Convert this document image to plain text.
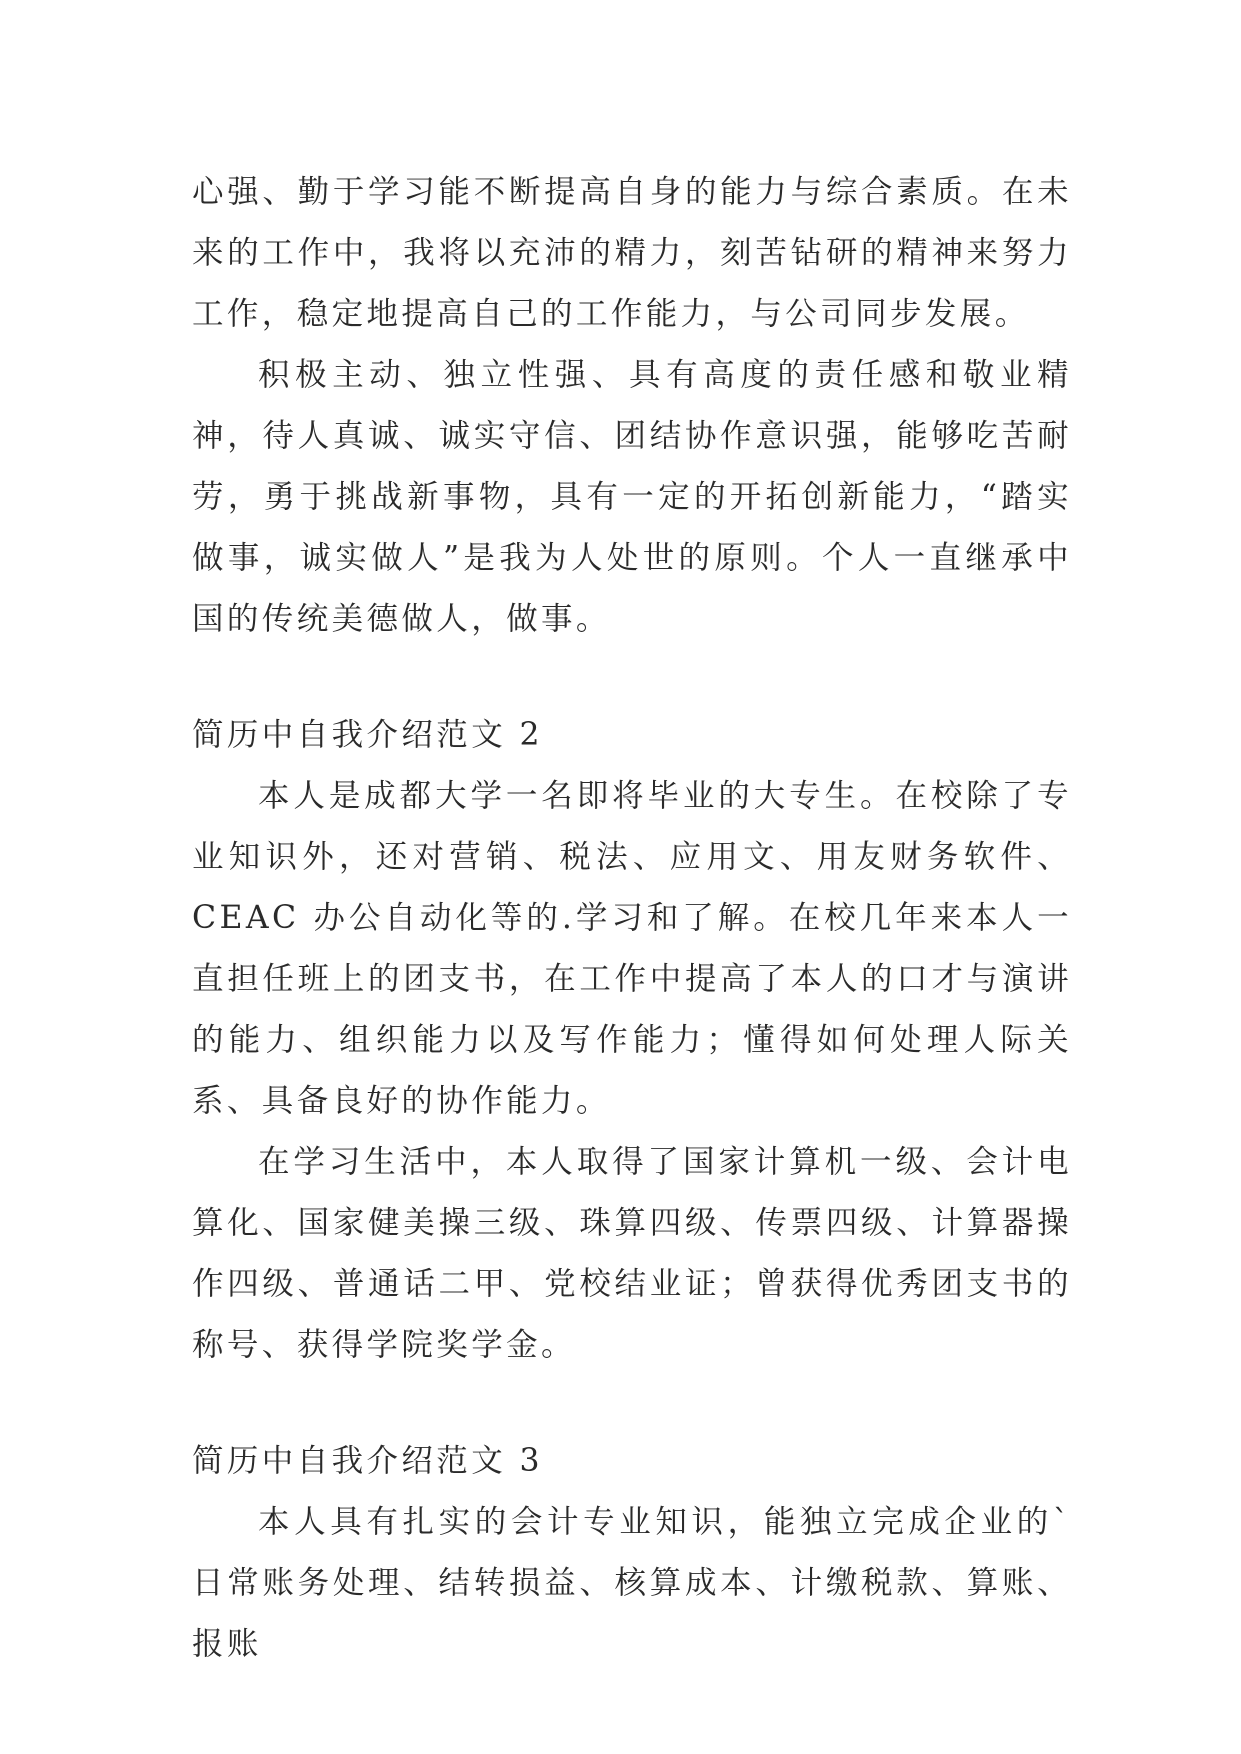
心强、勤于学习能不断提高自身的能力与综合素质。在未来的工作中，我将以充沛的精力，刻苦钻研的精神来努力工作，稳定地提高自己的工作能力，与公司同步发展。

积极主动、独立性强、具有高度的责任感和敬业精神，待人真诚、诚实守信、团结协作意识强，能够吃苦耐劳，勇于挑战新事物，具有一定的开拓创新能力，“踏实做事，诚实做人”是我为人处世的原则。个人一直继承中国的传统美德做人，做事。

简历中自我介绍范文 2

本人是成都大学一名即将毕业的大专生。在校除了专业知识外，还对营销、税法、应用文、用友财务软件、CEAC 办公自动化等的.学习和了解。在校几年来本人一直担任班上的团支书，在工作中提高了本人的口才与演讲的能力、组织能力以及写作能力；懂得如何处理人际关系、具备良好的协作能力。

在学习生活中，本人取得了国家计算机一级、会计电算化、国家健美操三级、珠算四级、传票四级、计算器操作四级、普通话二甲、党校结业证；曾获得优秀团支书的称号、获得学院奖学金。

简历中自我介绍范文 3

本人具有扎实的会计专业知识，能独立完成企业的`日常账务处理、结转损益、核算成本、计缴税款、算账、报账
